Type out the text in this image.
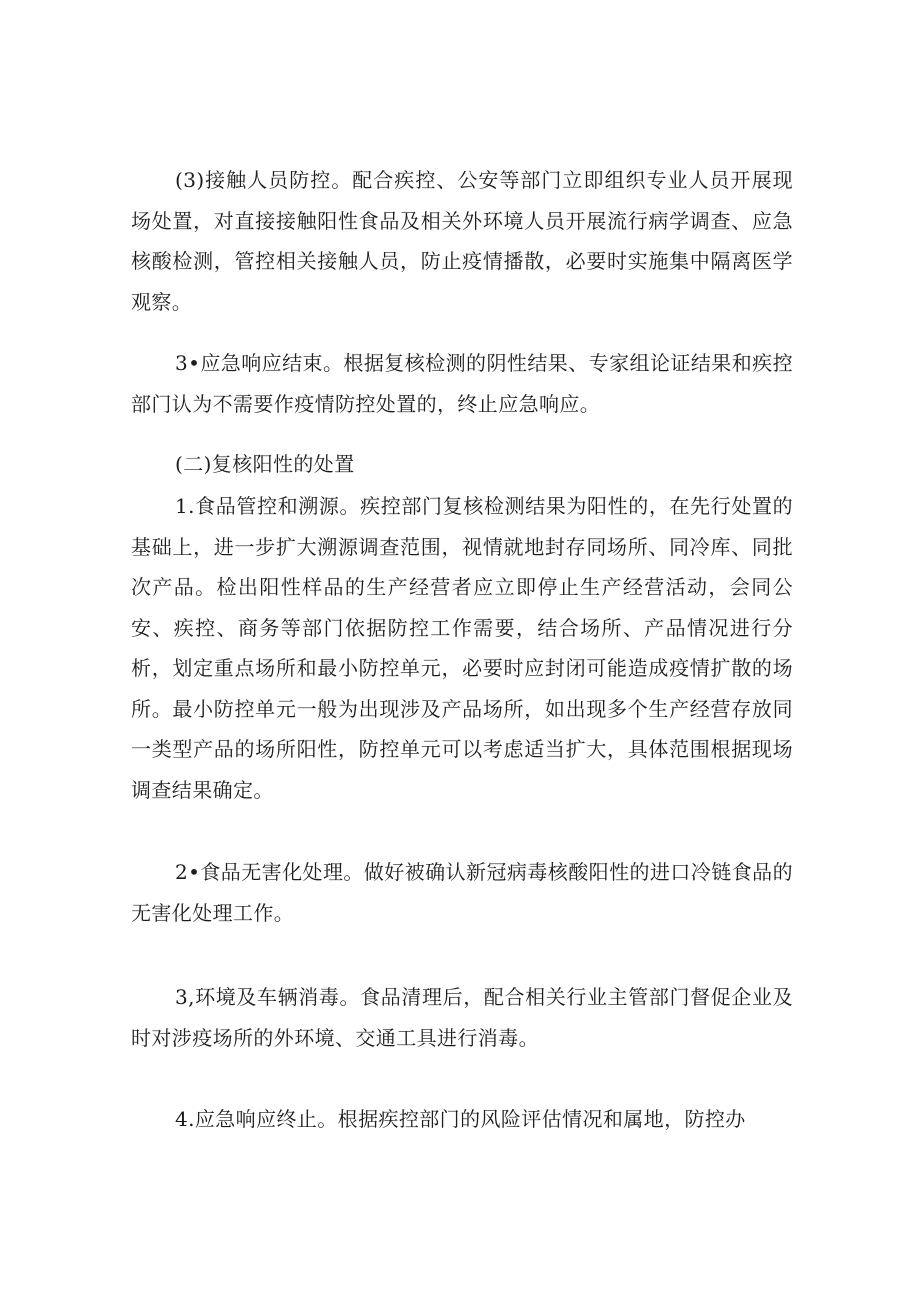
(3)接触人员防控。配合疾控、公安等部门立即组织专业人员开展现场处置，对直接接触阳性食品及相关外环境人员开展流行病学调查、应急核酸检测，管控相关接触人员，防止疫情播散，必要时实施集中隔离医学观察。

3•应急响应结束。根据复核检测的阴性结果、专家组论证结果和疾控部门认为不需要作疫情防控处置的，终止应急响应。

(二)复核阳性的处置

1.食品管控和溯源。疾控部门复核检测结果为阳性的，在先行处置的基础上，进一步扩大溯源调查范围，视情就地封存同场所、同冷库、同批次产品。检出阳性样品的生产经营者应立即停止生产经营活动，会同公安、疾控、商务等部门依据防控工作需要，结合场所、产品情况进行分析，划定重点场所和最小防控单元，必要时应封闭可能造成疫情扩散的场所。最小防控单元一般为出现涉及产品场所，如出现多个生产经营存放同一类型产品的场所阳性，防控单元可以考虑适当扩大，具体范围根据现场调查结果确定。

2•食品无害化处理。做好被确认新冠病毒核酸阳性的进口冷链食品的无害化处理工作。

3,环境及车辆消毒。食品清理后，配合相关行业主管部门督促企业及时对涉疫场所的外环境、交通工具进行消毒。

4.应急响应终止。根据疾控部门的风险评估情况和属地，防控办
